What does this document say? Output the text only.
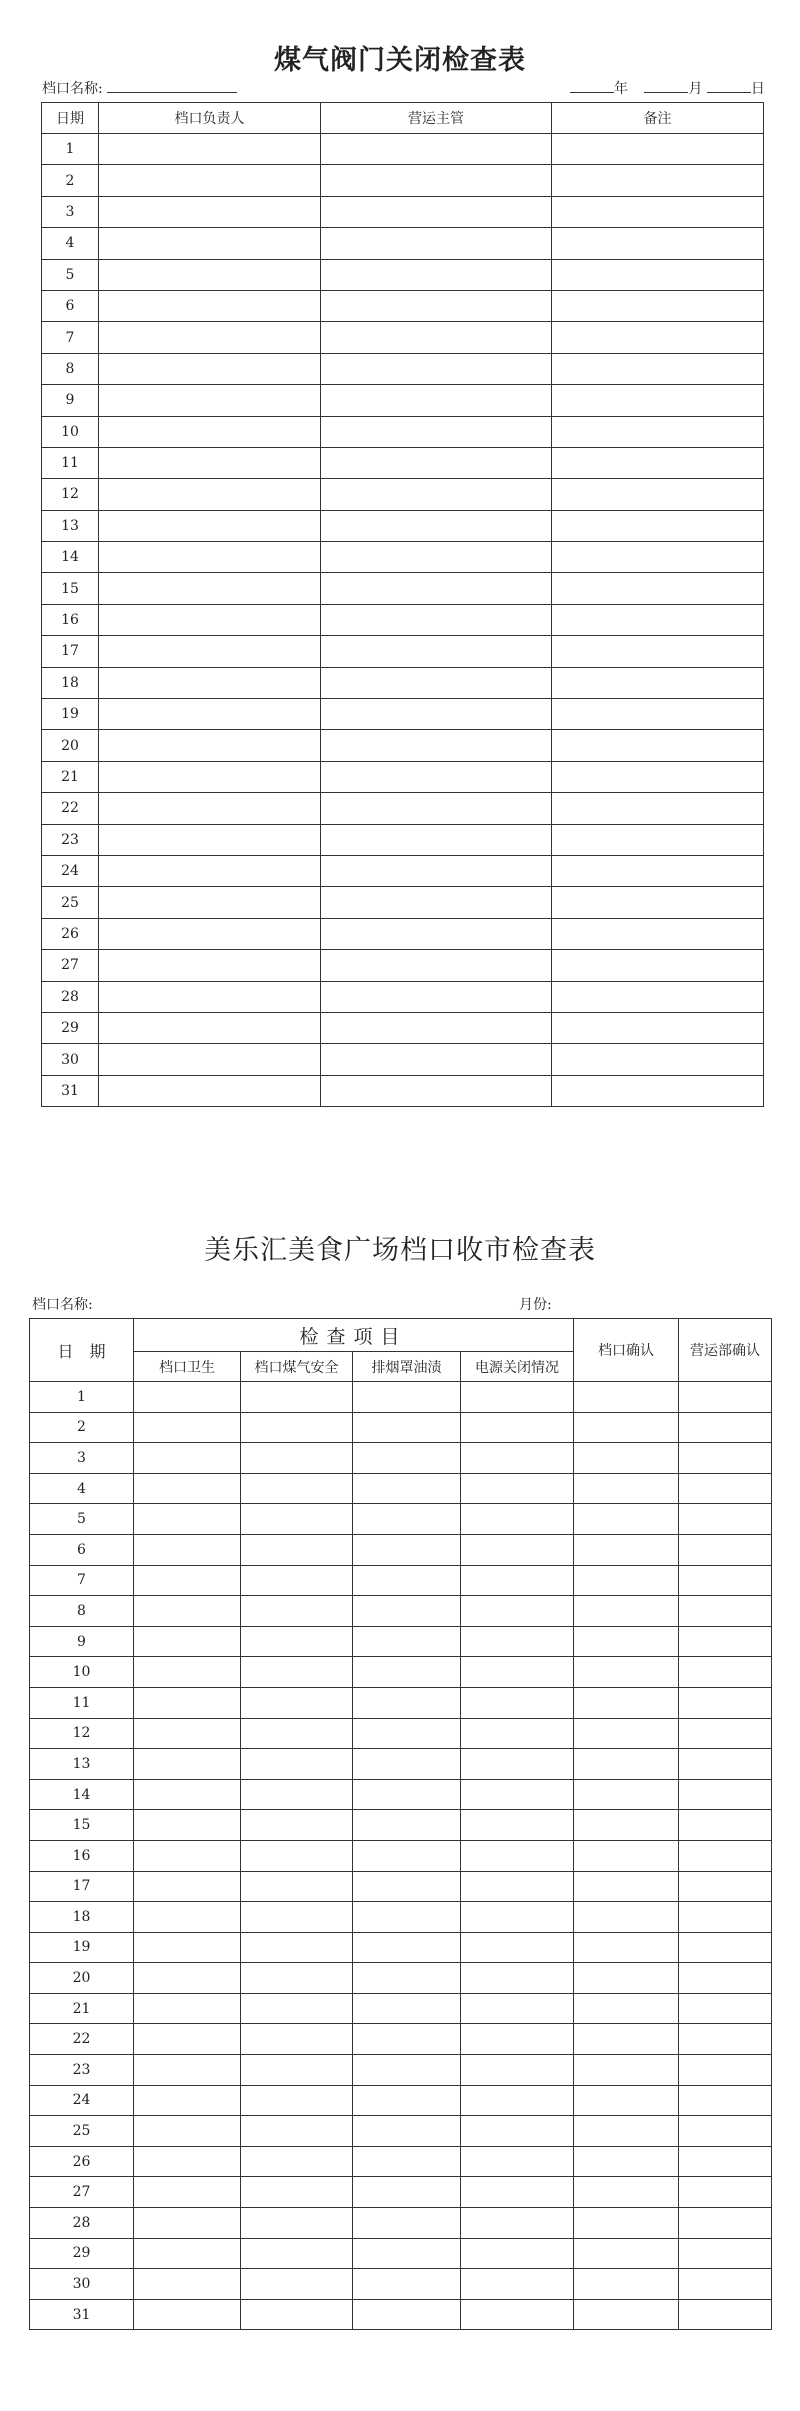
煤气阀门关闭检查表
档口名称:	年	月	日
日期	档口负责人	营运主管	备注
1			
2			
3			
4			
5			
6			
7			
8			
9			
10			
11			
12			
13			
14			
15			
16			
17			
18			
19			
20			
21			
22			
23			
24			
25			
26			
27			
28			
29			
30			
31			
美乐汇美食广场档口收市检查表
档口名称:	月份:
日　期	检查项目				档口确认	营运部确认
	档口卫生	档口煤气安全	排烟罩油渍	电源关闭情况		
1						
2						
3						
4						
5						
6						
7						
8						
9						
10						
11						
12						
13						
14						
15						
16						
17						
18						
19						
20						
21						
22						
23						
24						
25						
26						
27						
28						
29						
30						
31						
